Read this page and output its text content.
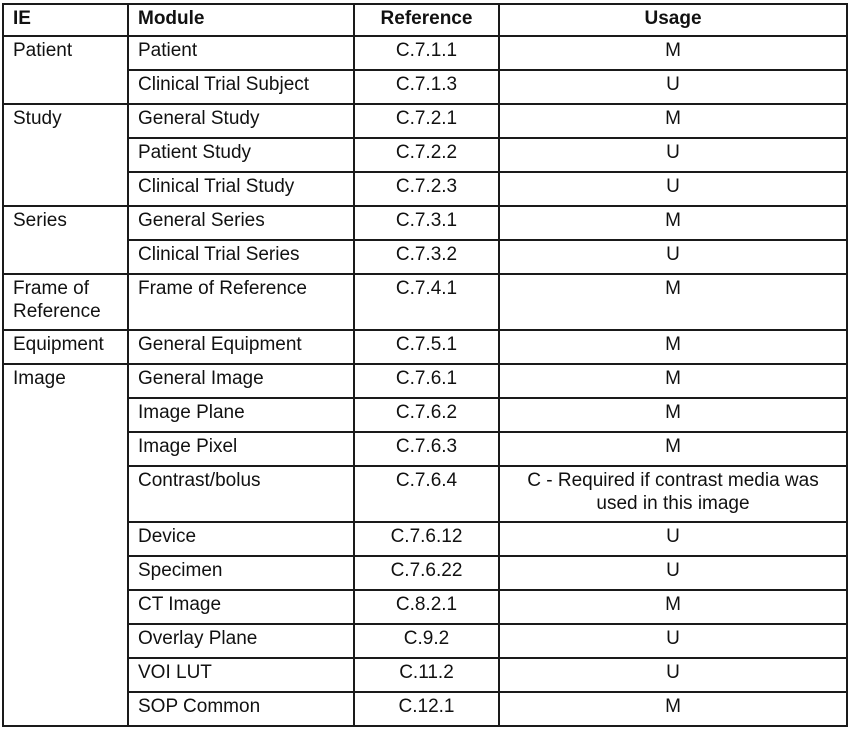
IE	Module	Reference	Usage
Patient	Patient	C.7.1.1	M
	Clinical Trial Subject	C.7.1.3	U
Study	General Study	C.7.2.1	M
	Patient Study	C.7.2.2	U
	Clinical Trial Study	C.7.2.3	U
Series	General Series	C.7.3.1	M
	Clinical Trial Series	C.7.3.2	U
Frame of Reference	Frame of Reference	C.7.4.1	M
Equipment	General Equipment	C.7.5.1	M
Image	General Image	C.7.6.1	M
	Image Plane	C.7.6.2	M
	Image Pixel	C.7.6.3	M
	Contrast/bolus	C.7.6.4	C - Required if contrast media was used in this image
	Device	C.7.6.12	U
	Specimen	C.7.6.22	U
	CT Image	C.8.2.1	M
	Overlay Plane	C.9.2	U
	VOI LUT	C.11.2	U
	SOP Common	C.12.1	M
